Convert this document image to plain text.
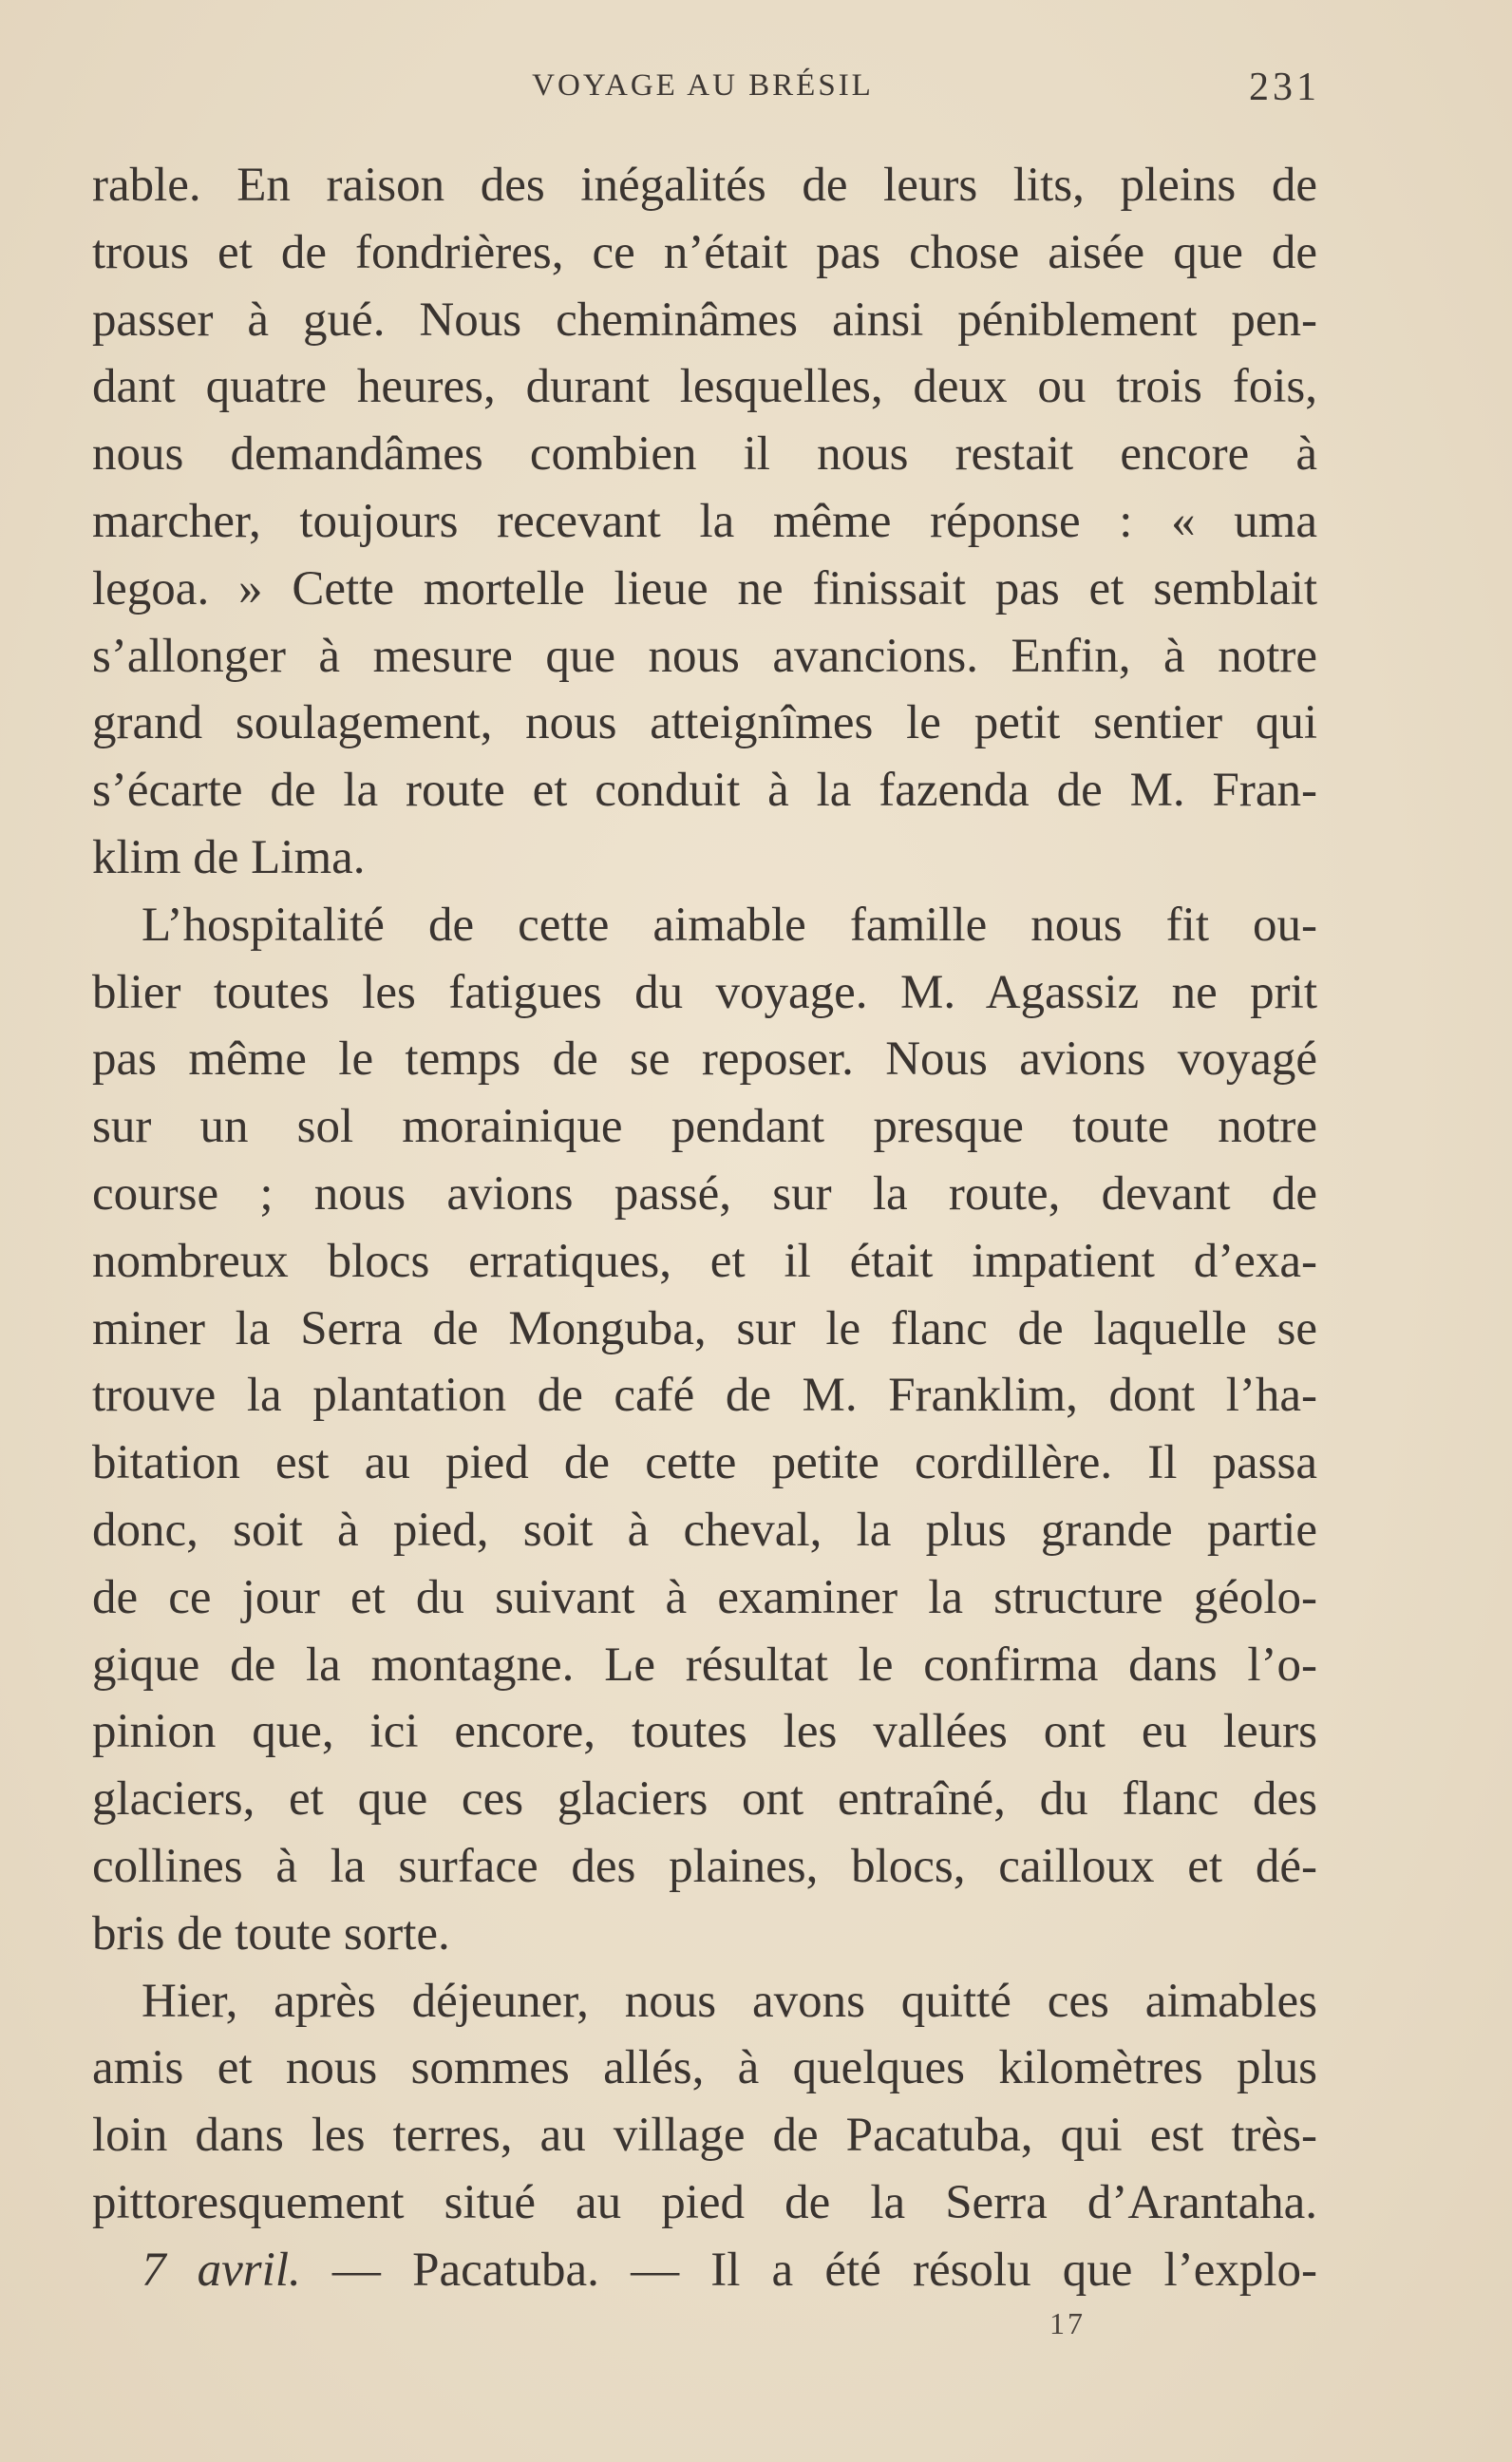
VOYAGE AU BRÉSIL	231
rable. En raison des inégalités de leurs lits, pleins de
trous et de fondrières, ce n’était pas chose aisée que de
passer à gué. Nous cheminâmes ainsi péniblement pen-
dant quatre heures, durant lesquelles, deux ou trois fois,
nous demandâmes combien il nous restait encore à
marcher, toujours recevant la même réponse : « uma
legoa. » Cette mortelle lieue ne finissait pas et semblait
s’allonger à mesure que nous avancions. Enfin, à notre
grand soulagement, nous atteignîmes le petit sentier qui
s’écarte de la route et conduit à la fazenda de M. Fran-
klim de Lima.
L’hospitalité de cette aimable famille nous fit ou-
blier toutes les fatigues du voyage. M. Agassiz ne prit
pas même le temps de se reposer. Nous avions voyagé
sur un sol morainique pendant presque toute notre
course ; nous avions passé, sur la route, devant de
nombreux blocs erratiques, et il était impatient d’exa-
miner la Serra de Monguba, sur le flanc de laquelle se
trouve la plantation de café de M. Franklim, dont l’ha-
bitation est au pied de cette petite cordillère. Il passa
donc, soit à pied, soit à cheval, la plus grande partie
de ce jour et du suivant à examiner la structure géolo-
gique de la montagne. Le résultat le confirma dans l’o-
pinion que, ici encore, toutes les vallées ont eu leurs
glaciers, et que ces glaciers ont entraîné, du flanc des
collines à la surface des plaines, blocs, cailloux et dé-
bris de toute sorte.
Hier, après déjeuner, nous avons quitté ces aimables
amis et nous sommes allés, à quelques kilomètres plus
loin dans les terres, au village de Pacatuba, qui est très-
pittoresquement situé au pied de la Serra d’Arantaha.
7 avril. — Pacatuba. — Il a été résolu que l’explo-
17
